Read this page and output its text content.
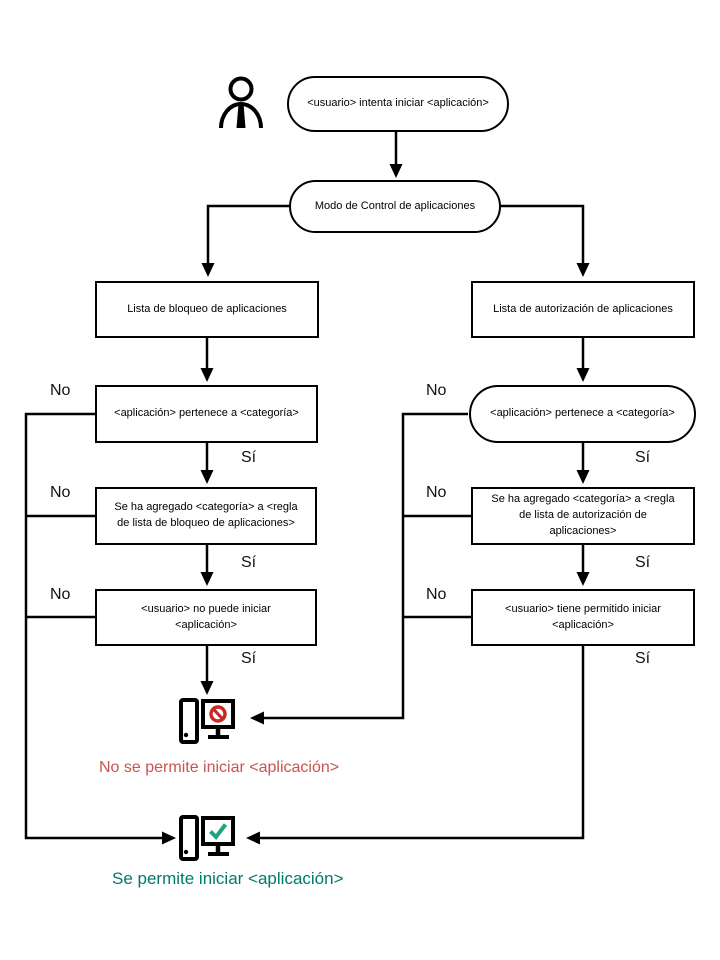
<usuario> intenta iniciar <aplicación>
Modo de Control de aplicaciones
Lista de bloqueo de aplicaciones
<aplicación> pertenece a <categoría>
Se ha agregado <categoría> a <regla de lista de bloqueo de aplicaciones>
<usuario> no puede iniciar <aplicación>
Lista de autorización de aplicaciones
<aplicación> pertenece a <categoría>
Se ha agregado <categoría> a <regla de lista de autorización de aplicaciones>
<usuario> tiene permitido iniciar <aplicación>
No
No
No
Sí
Sí
Sí
No
No
No
Sí
Sí
Sí
No se permite iniciar <aplicación>
Se permite iniciar <aplicación>
